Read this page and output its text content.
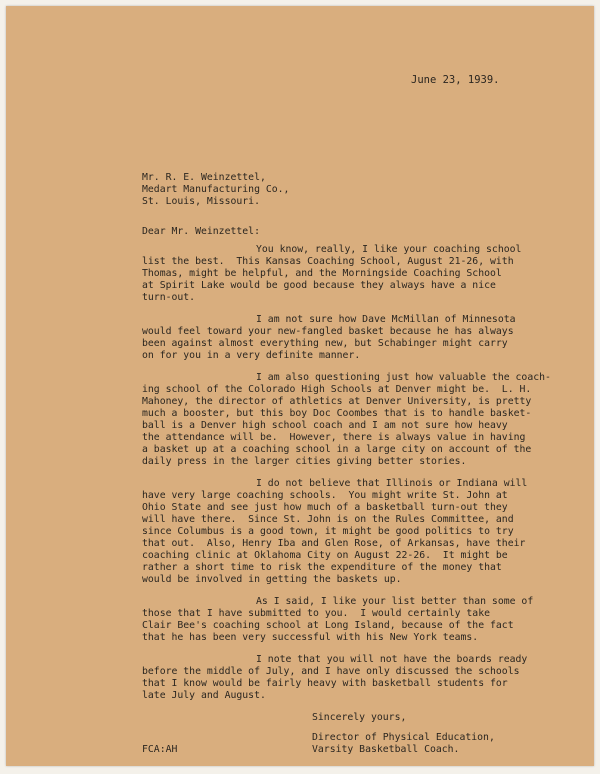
June 23, 1939.
Mr. R. E. Weinzettel,
Medart Manufacturing Co.,
St. Louis, Missouri.
Dear Mr. Weinzettel:
You know, really, I like your coaching school
list the best.  This Kansas Coaching School, August 21-26, with
Thomas, might be helpful, and the Morningside Coaching School
at Spirit Lake would be good because they always have a nice
turn-out.
I am not sure how Dave McMillan of Minnesota
would feel toward your new-fangled basket because he has always
been against almost everything new, but Schabinger might carry
on for you in a very definite manner.
I am also questioning just how valuable the coach-
ing school of the Colorado High Schools at Denver might be.  L. H.
Mahoney, the director of athletics at Denver University, is pretty
much a booster, but this boy Doc Coombes that is to handle basket-
ball is a Denver high school coach and I am not sure how heavy
the attendance will be.  However, there is always value in having
a basket up at a coaching school in a large city on account of the
daily press in the larger cities giving better stories.
I do not believe that Illinois or Indiana will
have very large coaching schools.  You might write St. John at
Ohio State and see just how much of a basketball turn-out they
will have there.  Since St. John is on the Rules Committee, and
since Columbus is a good town, it might be good politics to try
that out.  Also, Henry Iba and Glen Rose, of Arkansas, have their
coaching clinic at Oklahoma City on August 22-26.  It might be
rather a short time to risk the expenditure of the money that
would be involved in getting the baskets up.
As I said, I like your list better than some of
those that I have submitted to you.  I would certainly take
Clair Bee's coaching school at Long Island, because of the fact
that he has been very successful with his New York teams.
I note that you will not have the boards ready
before the middle of July, and I have only discussed the schools
that I know would be fairly heavy with basketball students for
late July and August.
Sincerely yours,
FCA:AH
Director of Physical Education,
Varsity Basketball Coach.
